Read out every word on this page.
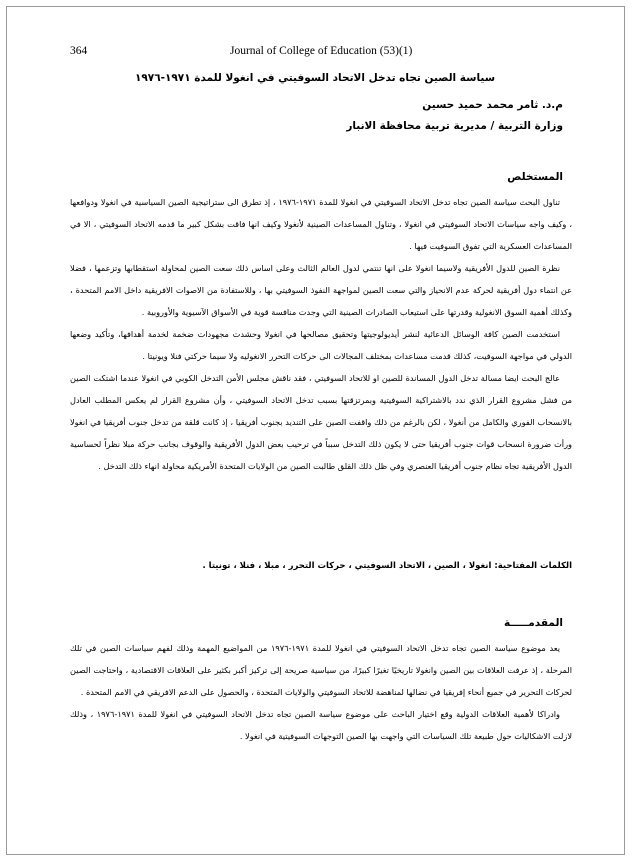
364	Journal of College of Education (53)(1)
سياسة الصين تجاه تدخل الاتحاد السوفيتي في انغولا للمدة ١٩٧١-١٩٧٦
م.د. ثامر محمد حميد حسين
وزارة التربية / مديرية تربية محافظة الانبار
المستخلص

تناول البحث سياسة الصين تجاه تدخل الاتحاد السوفيتي في انغولا للمدة ١٩٧١-١٩٧٦ ، إذ تطرق الى ستراتيجية الصين السياسية في انغولا ودوافعها ، وكيف واجه سياسات الاتحاد السوفيتي في انغولا ، وتناول المساعدات الصينية لأنغولا وكيف انها فاقت بشكل كبير ما قدمه الاتحاد السوفيتي ، الا في المساعدات العسكرية التي تفوق السوفيت فيها .

نظرة الصين للدول الأفريقية ولاسيما انغولا على انها تنتمي لدول العالم الثالث وعلى اساس ذلك سعت الصين لمحاولة استقطابها وتزعمها ، فضلا عن انتماء دول أفريقية لحركة عدم الانحياز والتي سعت الصين لمواجهة النفوذ السوفيتي بها ، وللاستفادة من الاصوات الافريقية داخل الامم المتحدة ، وكذلك أهمية السوق الانغولية وقدرتها على استيعاب الصادرات الصينية التي وجدت منافسة قوية في الأسواق الآسيوية والأوروبية .

استخدمت الصين كافة الوسائل الدعائية لنشر أيديولوجيتها وتحقيق مصالحها في انغولا وحشدت مجهودات ضخمة لخدمة أهدافها، وتأكيد وضعها الدولي في مواجهة السوفيت، كذلك قدمت مساعدات بمختلف المجالات الى حركات التحرر الانغوليه ولا سيما حركتي فنلا ويونيتا .

عالج البحث ايضا مسالة تدخل الدول المساندة للصين او للاتحاد السوفيتي ، فقد ناقش مجلس الأمن التدخل الكوبي في انغولا عندما اشتكت الصين من فشل مشروع القرار الذي ندد بالاشتراكية السوفيتية وبمرتزقتها بسبب تدخل الاتحاد السوفيتي ، وأن مشروع القرار لم يعكس المطلب العادل بالانسحاب الفوري والكامل من أنغولا ، لكن بالرغم من ذلك واقفت الصين على التنديد بجنوب أفريقيا ، إذ كانت قلقة من تدخل جنوب أفريقيا في انغولا ورأت ضرورة انسحاب قوات جنوب أفريقيا حتى لا يكون ذلك التدخل سبباً في ترحيب بعض الدول الأفريقية والوقوف بجانب حركة مبلا نظراً لحساسية الدول الأفريقية تجاه نظام جنوب أفريقيا العنصري وفي ظل ذلك القلق طالبت الصين من الولايات المتحدة الأمريكية محاولة انهاء ذلك التدخل .

الكلمات المفتاحية: انغولا ، الصين ، الاتحاد السوفيتي ، حركات التحرر ، مبلا ، فنلا ، تونيتا .
المقدمـــــة

يعد موضوع سياسة الصين تجاه تدخل الاتحاد السوفيتي في انغولا للمدة ١٩٧١-١٩٧٦ من المواضيع المهمة وذلك لفهم سياسات الصين في تلك المرحلة ، إذ عرفت العلاقات بين الصين وانغولا تاريخيًا تغيرًا كبيرًا، من سياسية صريحة إلى تركيز أكبر بكثير على العلاقات الاقتصادية ، واحتاجت الصين لحركات التحرير في جميع أنحاء إفريقيا في نضالها لمناهضة للاتحاد السوفيتي والولايات المتحدة ، والحصول على الدعم الافريقي في الامم المتحدة .

وادراكا لأهمية العلاقات الدولية وقع اختيار الباحث على موضوع سياسة الصين تجاه تدخل الاتحاد السوفيتي في انغولا للمدة ١٩٧١-١٩٧٦ ، وذلك لازلت الاشكاليات حول طبيعة تلك السياسات التي واجهت بها الصين التوجهات السوفيتية في انغولا .
